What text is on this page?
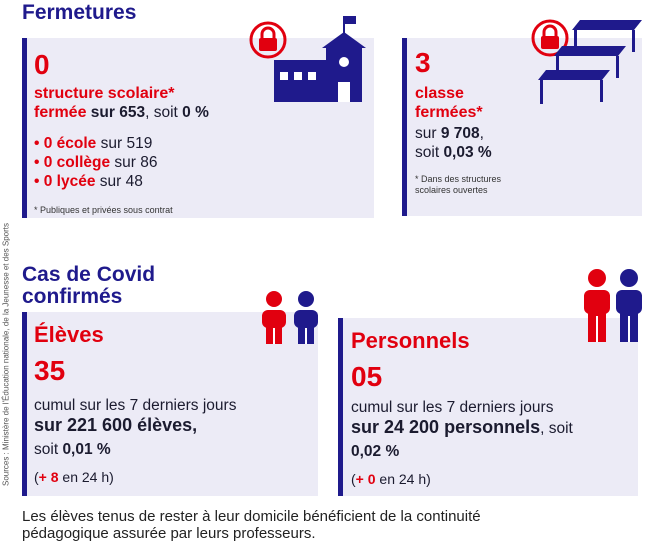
Fermetures
0
structure scolaire*
fermée sur 653, soit 0 %
• 0 école sur 519
• 0 collège sur 86
• 0 lycée sur 48
* Publiques et privées sous contrat
3
classe
fermées*
sur 9 708,
soit 0,03 %
* Dans des structures
scolaires ouvertes
Cas de Covid
confirmés
Élèves
35
cumul sur les 7 derniers jours
sur 221 600 élèves,
soit 0,01 %
(+ 8 en 24 h)
Personnels
05
cumul sur les 7 derniers jours
sur 24 200 personnels, soit
0,02 %
(+ 0 en 24 h)
Les élèves tenus de rester à leur domicile bénéficient de la continuité
pédagogique assurée par leurs professeurs.
Sources : Ministère de l'Éducation nationale, de la Jeunesse et des Sports
